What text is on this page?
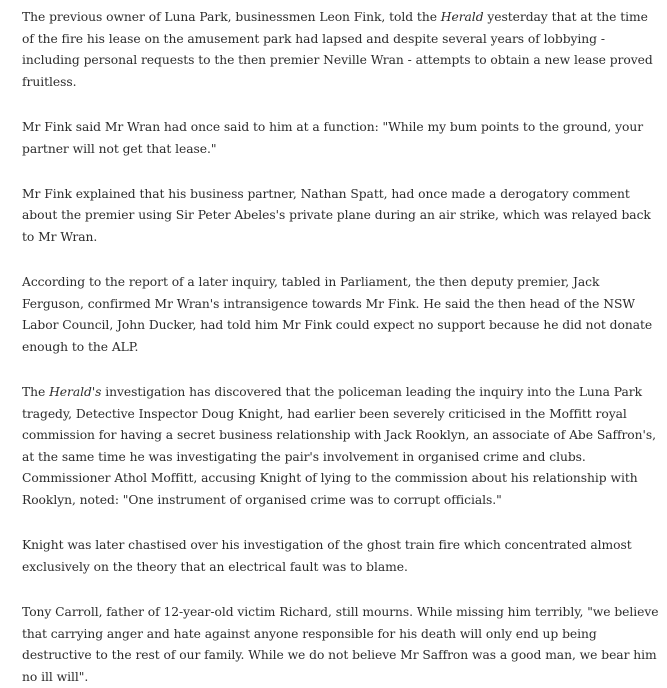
The previous owner of Luna Park, businessmen Leon Fink, told the Herald yesterday that at the time of the fire his lease on the amusement park had lapsed and despite several years of lobbying - including personal requests to the then premier Neville Wran - attempts to obtain a new lease proved fruitless.

Mr Fink said Mr Wran had once said to him at a function: "While my bum points to the ground, your partner will not get that lease."

Mr Fink explained that his business partner, Nathan Spatt, had once made a derogatory comment about the premier using Sir Peter Abeles's private plane during an air strike, which was relayed back to Mr Wran.

According to the report of a later inquiry, tabled in Parliament, the then deputy premier, Jack Ferguson, confirmed Mr Wran's intransigence towards Mr Fink. He said the then head of the NSW Labor Council, John Ducker, had told him Mr Fink could expect no support because he did not donate enough to the ALP.

The Herald's investigation has discovered that the policeman leading the inquiry into the Luna Park tragedy, Detective Inspector Doug Knight, had earlier been severely criticised in the Moffitt royal commission for having a secret business relationship with Jack Rooklyn, an associate of Abe Saffron's, at the same time he was investigating the pair's involvement in organised crime and clubs. Commissioner Athol Moffitt, accusing Knight of lying to the commission about his relationship with Rooklyn, noted: "One instrument of organised crime was to corrupt officials."

Knight was later chastised over his investigation of the ghost train fire which concentrated almost exclusively on the theory that an electrical fault was to blame.

Tony Carroll, father of 12-year-old victim Richard, still mourns. While missing him terribly, "we believe that carrying anger and hate against anyone responsible for his death will only end up being destructive to the rest of our family. While we do not believe Mr Saffron was a good man, we bear him no ill will".
